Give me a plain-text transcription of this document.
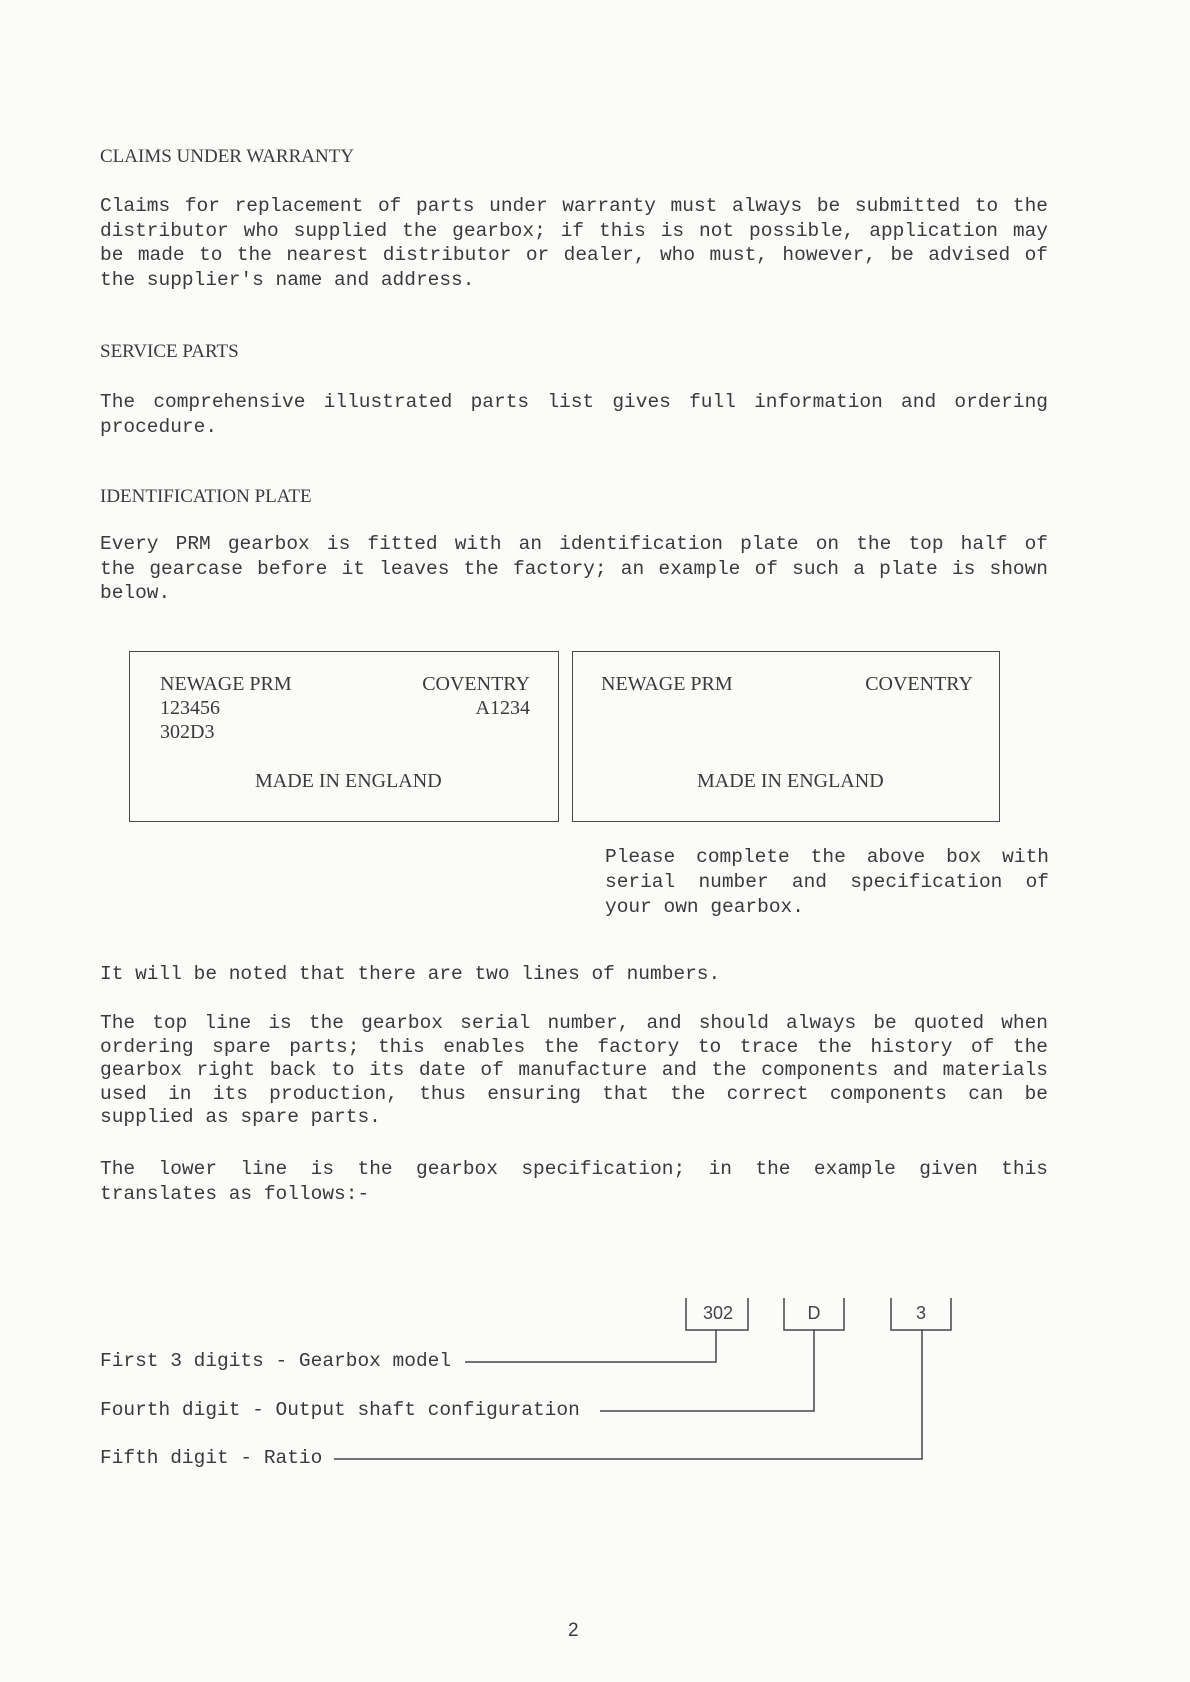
CLAIMS UNDER WARRANTY
Claims for replacement of parts under warranty must always be submitted to the
distributor who supplied the gearbox; if this is not possible, application may
be made to the nearest distributor or dealer, who must, however, be advised of
the supplier's name and address.
SERVICE PARTS
The comprehensive illustrated parts list gives full information and ordering
procedure.
IDENTIFICATION PLATE
Every PRM gearbox is fitted with an identification plate on the top half of
the gearcase before it leaves the factory; an example of such a plate is shown
below.
NEWAGE PRM	COVENTRY
123456	A1234
302D3
MADE IN ENGLAND
NEWAGE PRM	COVENTRY
MADE IN ENGLAND
Please complete the above box with
serial number and specification of
your own gearbox.
It will be noted that there are two lines of numbers.
The top line is the gearbox serial number, and should always be quoted when
ordering spare parts; this enables the factory to trace the history of the
gearbox right back to its date of manufacture and the components and materials
used in its production, thus ensuring that the correct components can be
supplied as spare parts.
The lower line is the gearbox specification; in the example given this
translates as follows:-
302	D	3
First 3 digits - Gearbox model
Fourth digit - Output shaft configuration
Fifth digit - Ratio
2
